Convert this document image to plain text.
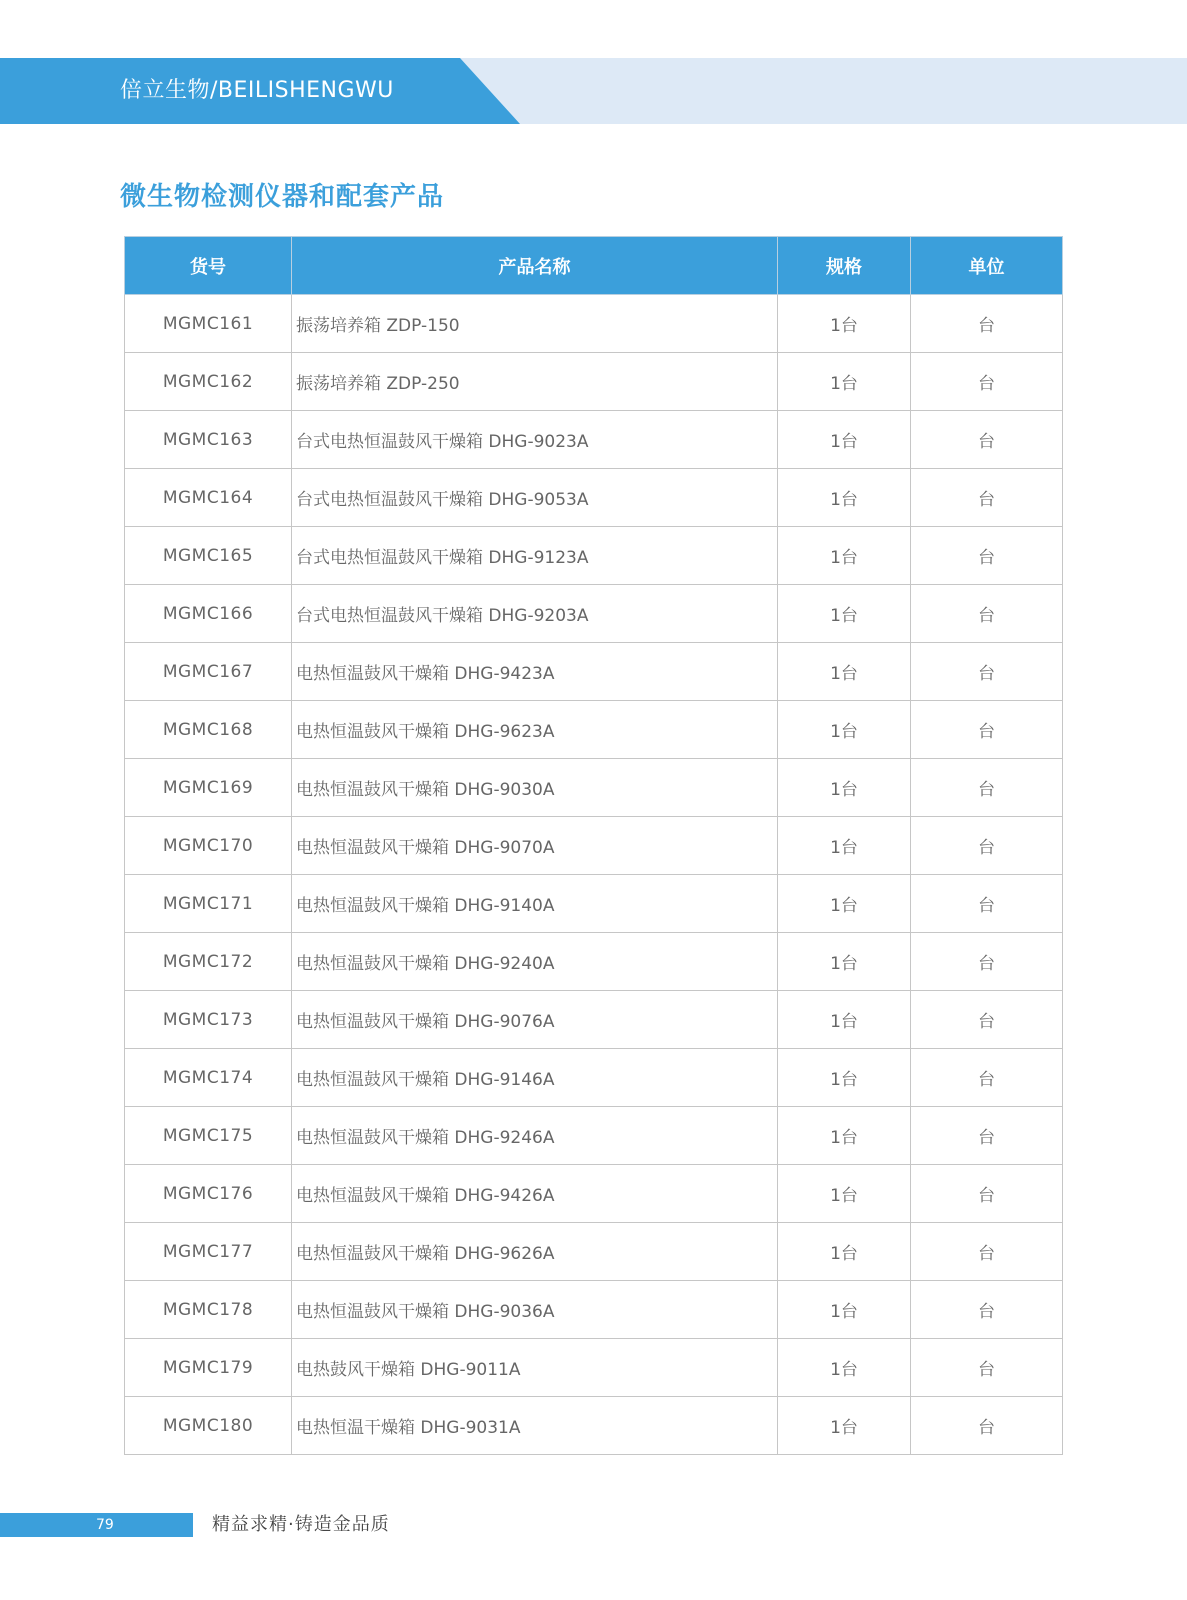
倍立生物/BEILISHENGWU
微生物检测仪器和配套产品
货号	产品名称	规格	单位
MGMC161	振荡培养箱 ZDP-150	1台	台
MGMC162	振荡培养箱 ZDP-250	1台	台
MGMC163	台式电热恒温鼓风干燥箱 DHG-9023A	1台	台
MGMC164	台式电热恒温鼓风干燥箱 DHG-9053A	1台	台
MGMC165	台式电热恒温鼓风干燥箱 DHG-9123A	1台	台
MGMC166	台式电热恒温鼓风干燥箱 DHG-9203A	1台	台
MGMC167	电热恒温鼓风干燥箱 DHG-9423A	1台	台
MGMC168	电热恒温鼓风干燥箱 DHG-9623A	1台	台
MGMC169	电热恒温鼓风干燥箱 DHG-9030A	1台	台
MGMC170	电热恒温鼓风干燥箱 DHG-9070A	1台	台
MGMC171	电热恒温鼓风干燥箱 DHG-9140A	1台	台
MGMC172	电热恒温鼓风干燥箱 DHG-9240A	1台	台
MGMC173	电热恒温鼓风干燥箱 DHG-9076A	1台	台
MGMC174	电热恒温鼓风干燥箱 DHG-9146A	1台	台
MGMC175	电热恒温鼓风干燥箱 DHG-9246A	1台	台
MGMC176	电热恒温鼓风干燥箱 DHG-9426A	1台	台
MGMC177	电热恒温鼓风干燥箱 DHG-9626A	1台	台
MGMC178	电热恒温鼓风干燥箱 DHG-9036A	1台	台
MGMC179	电热鼓风干燥箱 DHG-9011A	1台	台
MGMC180	电热恒温干燥箱 DHG-9031A	1台	台
79	精益求精·铸造金品质
